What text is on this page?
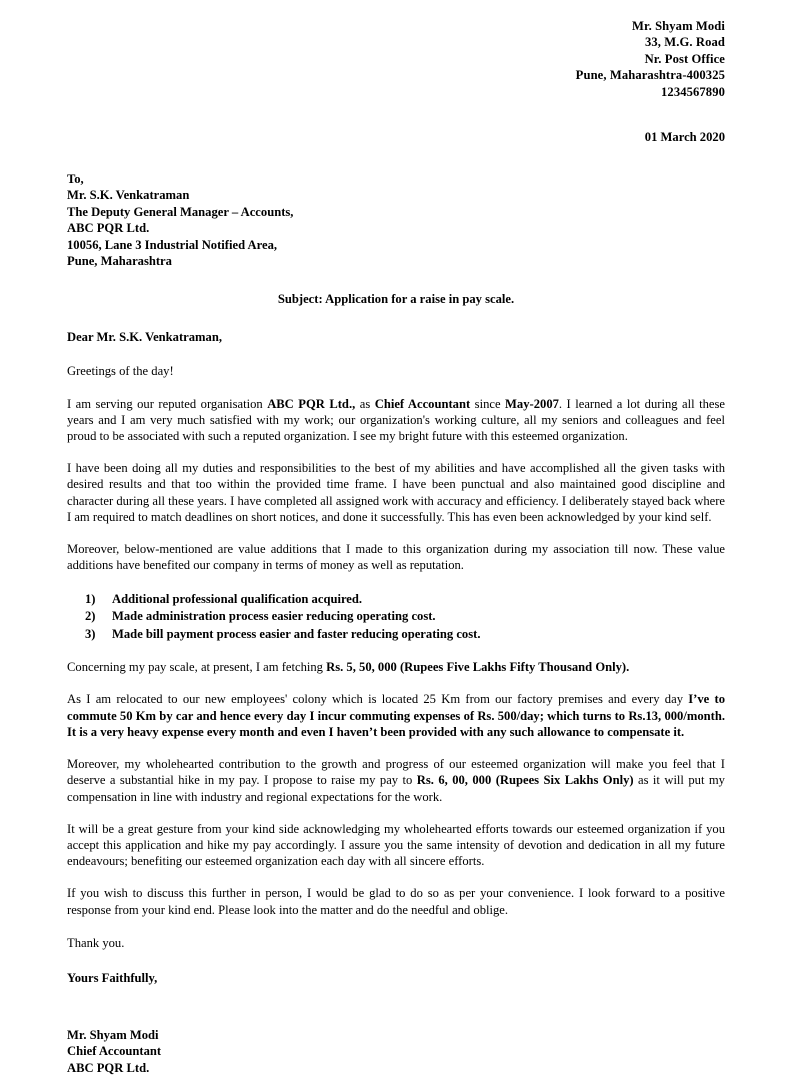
Mr. Shyam Modi
33, M.G. Road
Nr. Post Office
Pune, Maharashtra-400325
1234567890
01 March 2020
To,
Mr. S.K. Venkatraman
The Deputy General Manager – Accounts,
ABC PQR Ltd.
10056, Lane 3 Industrial Notified Area,
Pune, Maharashtra
Subject: Application for a raise in pay scale.
Dear Mr. S.K. Venkatraman,
Greetings of the day!
I am serving our reputed organisation ABC PQR Ltd., as Chief Accountant since May-2007. I learned a lot during all these years and I am very much satisfied with my work; our organization's working culture, all my seniors and colleagues and feel proud to be associated with such a reputed organization. I see my bright future with this esteemed organization.
I have been doing all my duties and responsibilities to the best of my abilities and have accomplished all the given tasks with desired results and that too within the provided time frame. I have been punctual and also maintained good discipline and character during all these years. I have completed all assigned work with accuracy and efficiency. I deliberately stayed back where I am required to match deadlines on short notices, and done it successfully. This has even been acknowledged by your kind self.
Moreover, below-mentioned are value additions that I made to this organization during my association till now. These value additions have benefited our company in terms of money as well as reputation.
1)	Additional professional qualification acquired.
2)	Made administration process easier reducing operating cost.
3)	Made bill payment process easier and faster reducing operating cost.
Concerning my pay scale, at present, I am fetching Rs. 5, 50, 000 (Rupees Five Lakhs Fifty Thousand Only).
As I am relocated to our new employees' colony which is located 25 Km from our factory premises and every day I’ve to commute 50 Km by car and hence every day I incur commuting expenses of Rs. 500/day; which turns to Rs.13, 000/month. It is a very heavy expense every month and even I haven’t been provided with any such allowance to compensate it.
Moreover, my wholehearted contribution to the growth and progress of our esteemed organization will make you feel that I deserve a substantial hike in my pay. I propose to raise my pay to Rs. 6, 00, 000 (Rupees Six Lakhs Only) as it will put my compensation in line with industry and regional expectations for the work.
It will be a great gesture from your kind side acknowledging my wholehearted efforts towards our esteemed organization if you accept this application and hike my pay accordingly. I assure you the same intensity of devotion and dedication in all my future endeavours; benefiting our esteemed organization each day with all sincere efforts.
If you wish to discuss this further in person, I would be glad to do so as per your convenience. I look forward to a positive response from your kind end. Please look into the matter and do the needful and oblige.
Thank you.
Yours Faithfully,
Mr. Shyam Modi
Chief Accountant
ABC PQR Ltd.
